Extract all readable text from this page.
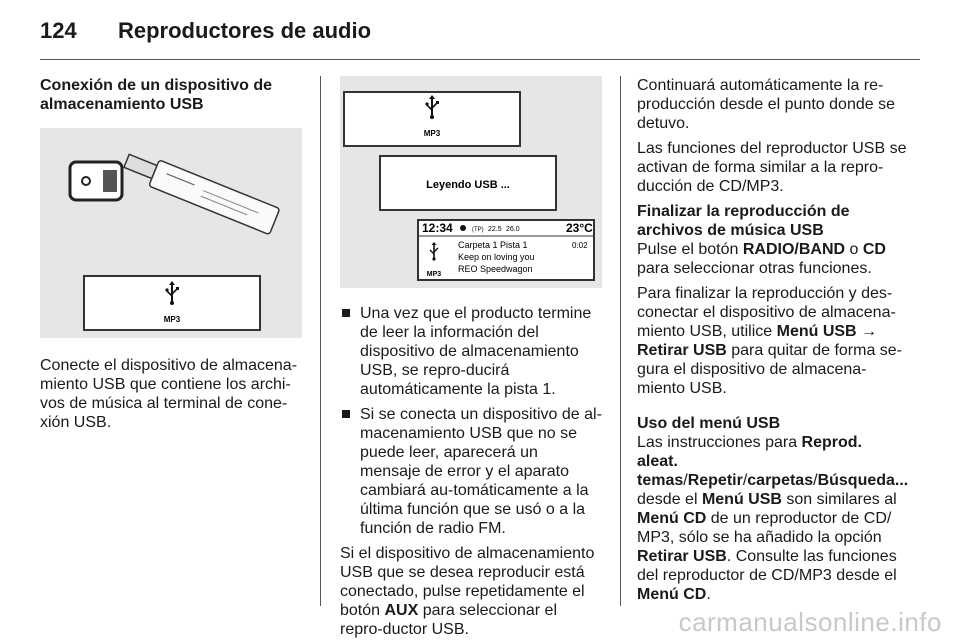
124 Reproductores de audio
Conexión de un dispositivo de almacenamiento USB
MP3

Conecte el dispositivo de almacena-miento USB que contiene los archi-vos de música al terminal de cone-xión USB.

MP3
Leyendo USB ...
12:34	(TP) 22.5 26.0	23°C
MP3
Carpeta 1 Pista 1	0:02
Keep on loving you
REO Speedwagon
Una vez que el producto termine de leer la información del dispositivo de almacenamiento USB, se repro-ducirá automáticamente la pista 1.
Si se conecta un dispositivo de al-macenamiento USB que no se puede leer, aparecerá un mensaje de error y el aparato cambiará au-tomáticamente a la última función que se usó o a la función de radio FM.

Si el dispositivo de almacenamiento USB que se desea reproducir está conectado, pulse repetidamente el botón AUX para seleccionar el repro-ductor USB.

Continuará automáticamente la re-producción desde el punto donde se detuvo.

Las funciones del reproductor USB se activan de forma similar a la repro-ducción de CD/MP3.

Finalizar la reproducción de archivos de música USB

Pulse el botón RADIO/BAND o CD para seleccionar otras funciones.

Para finalizar la reproducción y des-conectar el dispositivo de almacena-miento USB, utilice Menú USB → Retirar USB para quitar de forma se-gura el dispositivo de almacena-miento USB.

Uso del menú USB

Las instrucciones para Reprod. aleat. temas/Repetir/carpetas/Búsqueda... desde el Menú USB son similares al Menú CD de un reproductor de CD/ MP3, sólo se ha añadido la opción Retirar USB. Consulte las funciones del reproductor de CD/MP3 desde el Menú CD.

carmanualsonline.info
